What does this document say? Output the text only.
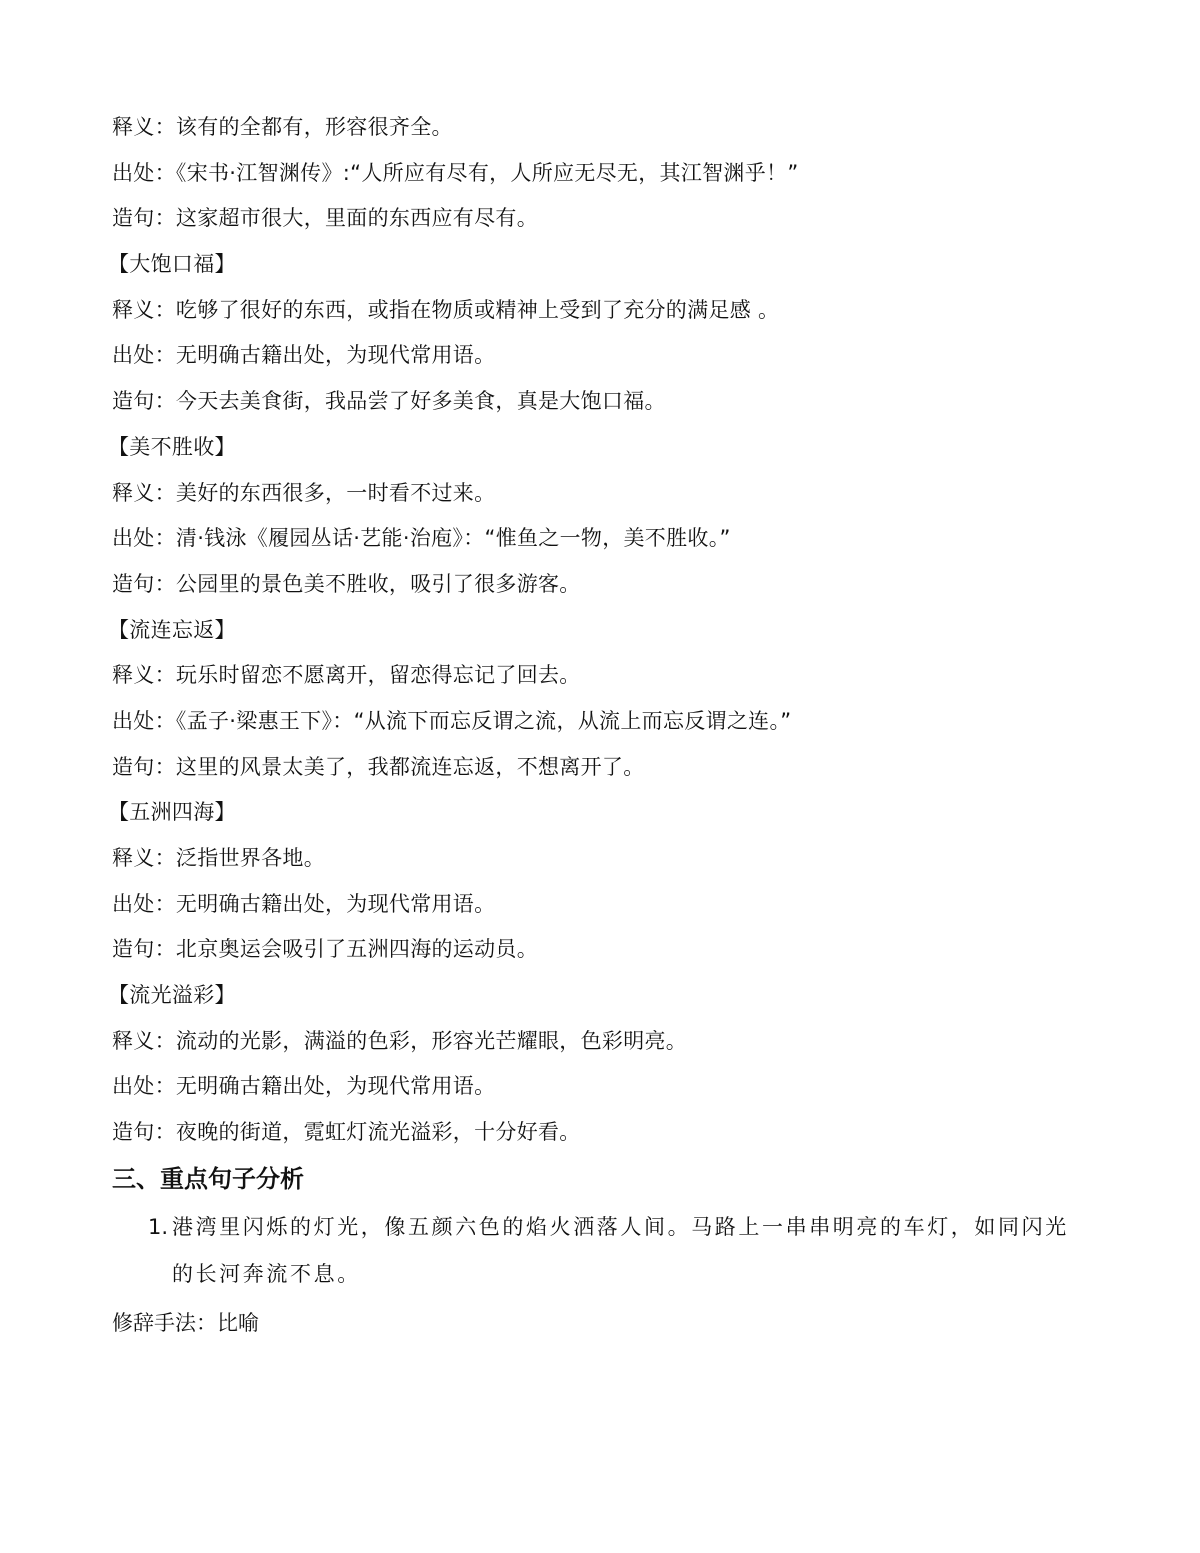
释义：该有的全都有，形容很齐全。
出处：《宋书·江智渊传》:“人所应有尽有，人所应无尽无，其江智渊乎！”
造句：这家超市很大，里面的东西应有尽有。
【大饱口福】
释义：吃够了很好的东西，或指在物质或精神上受到了充分的满足感 。
出处：无明确古籍出处，为现代常用语。
造句：今天去美食街，我品尝了好多美食，真是大饱口福。
【美不胜收】
释义：美好的东西很多，一时看不过来。
出处：清·钱泳《履园丛话·艺能·治庖》：“惟鱼之一物，美不胜收。”
造句：公园里的景色美不胜收，吸引了很多游客。
【流连忘返】
释义：玩乐时留恋不愿离开，留恋得忘记了回去。
出处：《孟子·梁惠王下》：“从流下而忘反谓之流，从流上而忘反谓之连。”
造句：这里的风景太美了，我都流连忘返，不想离开了。
【五洲四海】
释义：泛指世界各地。
出处：无明确古籍出处，为现代常用语。
造句：北京奥运会吸引了五洲四海的运动员。
【流光溢彩】
释义：流动的光影，满溢的色彩，形容光芒耀眼，色彩明亮。
出处：无明确古籍出处，为现代常用语。
造句：夜晚的街道，霓虹灯流光溢彩，十分好看。
三、重点句子分析
1. 港湾里闪烁的灯光，像五颜六色的焰火洒落人间。马路上一串串明亮的车灯，如同闪光的长河奔流不息。
修辞手法：比喻
